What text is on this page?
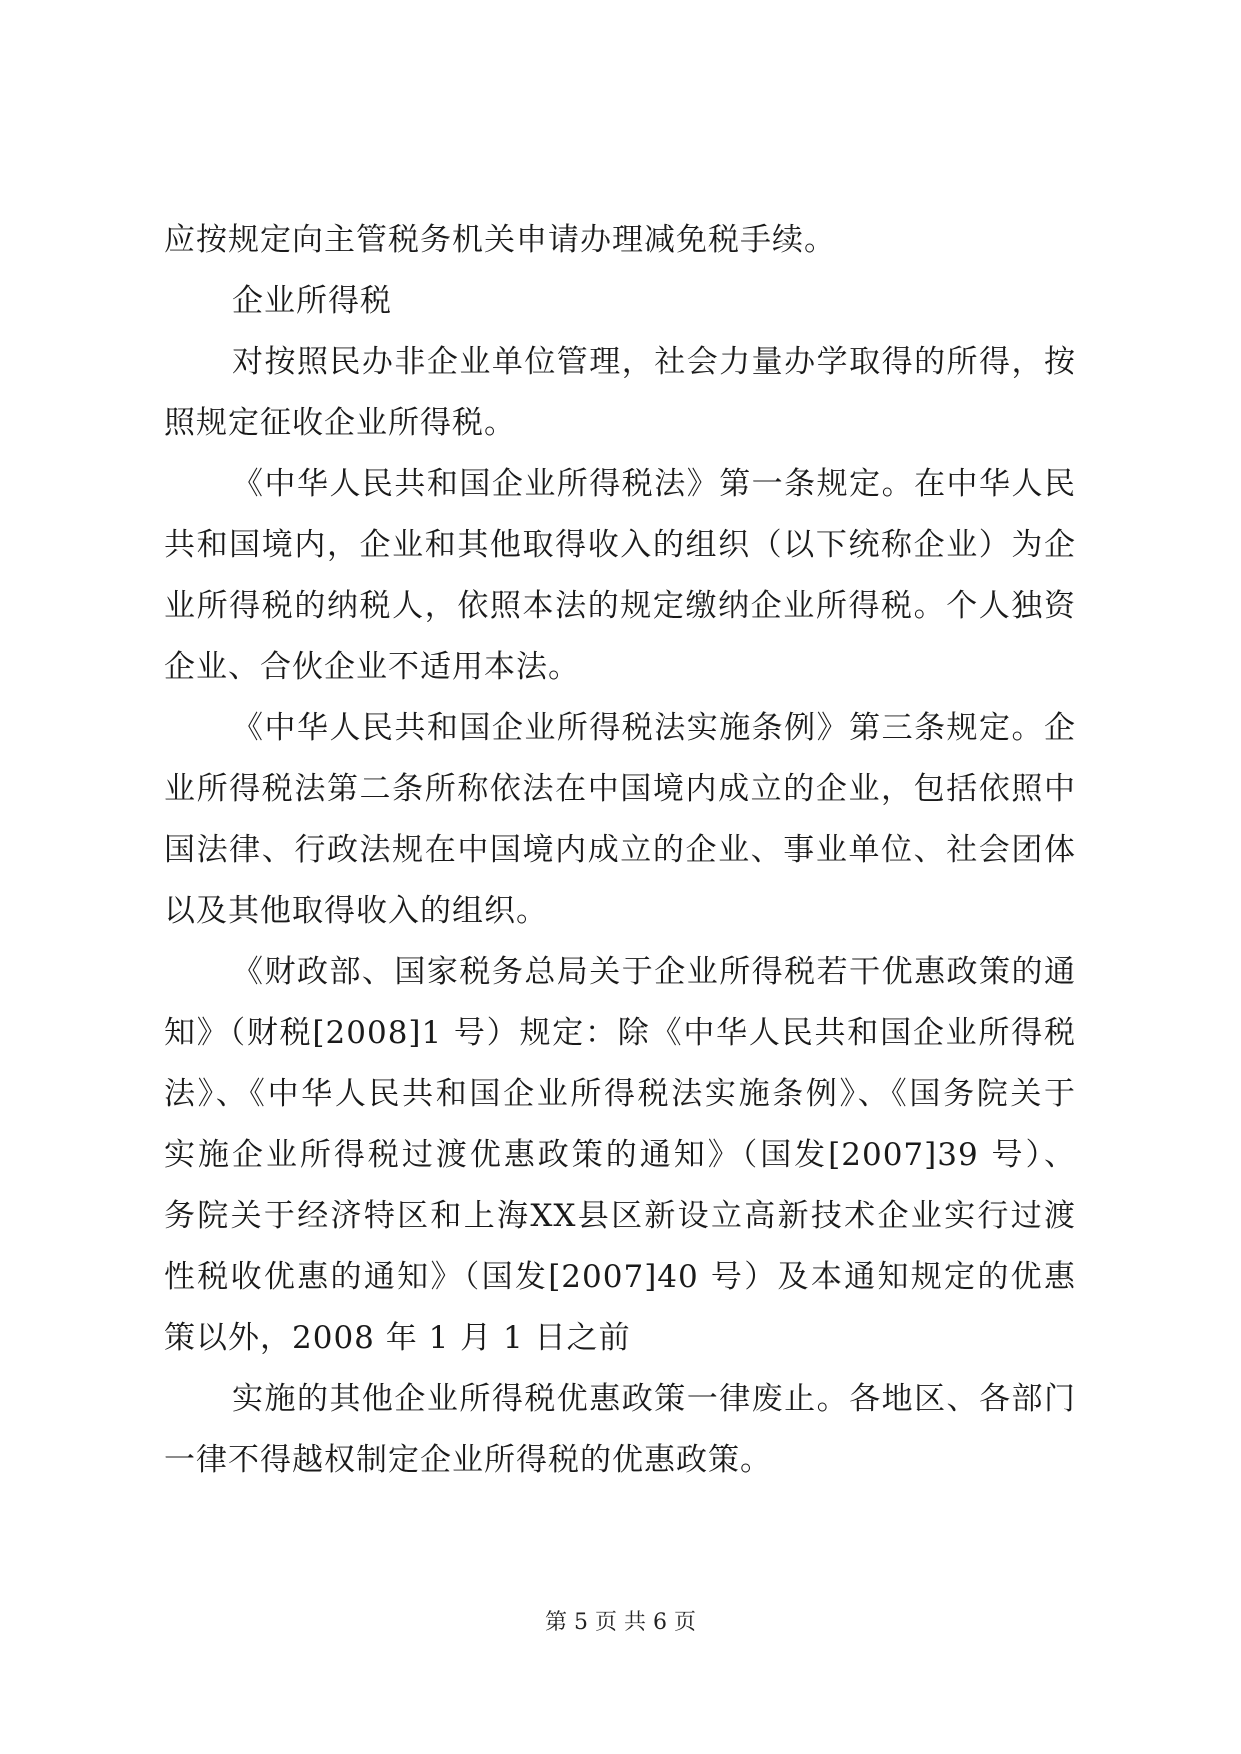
应按规定向主管税务机关申请办理减免税手续。
企业所得税
对按照民办非企业单位管理，社会力量办学取得的所得，按
照规定征收企业所得税。
《中华人民共和国企业所得税法》第一条规定。在中华人民
共和国境内，企业和其他取得收入的组织（以下统称企业）为企
业所得税的纳税人，依照本法的规定缴纳企业所得税。个人独资
企业、合伙企业不适用本法。
《中华人民共和国企业所得税法实施条例》第三条规定。企
业所得税法第二条所称依法在中国境内成立的企业，包括依照中
国法律、行政法规在中国境内成立的企业、事业单位、社会团体
以及其他取得收入的组织。
《财政部、国家税务总局关于企业所得税若干优惠政策的通
知》（财税[2008]1 号）规定：除《中华人民共和国企业所得税
法》、《中华人民共和国企业所得税法实施条例》、《国务院关于
实施企业所得税过渡优惠政策的通知》（国发[2007]39 号）、
务院关于经济特区和上海XX县区新设立高新技术企业实行过渡
性税收优惠的通知》（国发[2007]40 号）及本通知规定的优惠
策以外，2008 年 1 月 1 日之前
实施的其他企业所得税优惠政策一律废止。各地区、各部门
一律不得越权制定企业所得税的优惠政策。
第 5 页 共 6 页
